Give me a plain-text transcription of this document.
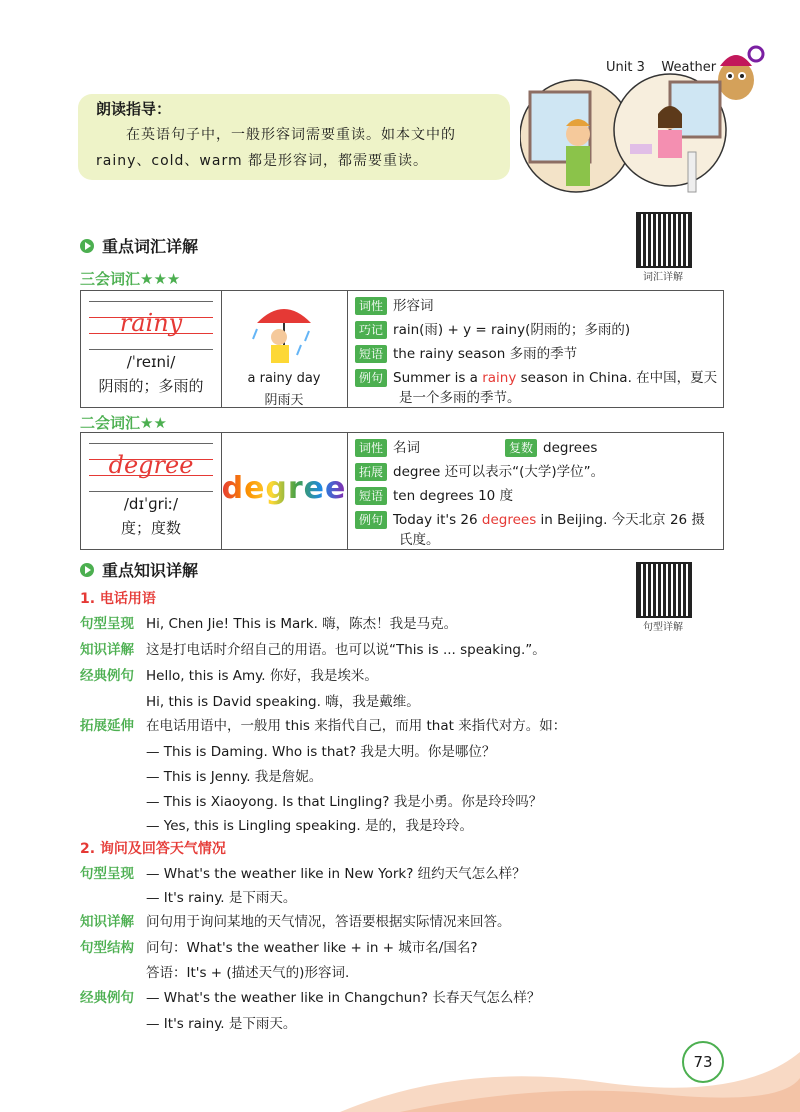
Unit 3 Weather
朗读指导：
在英语句子中，一般形容词需要重读。如本文中的
rainy、cold、warm 都是形容词，都需要重读。
重点词汇详解
词汇详解
三会词汇★★★
rainy
/ˈreɪni/
阴雨的；多雨的	a rainy day
阴雨天
词性 形容词
巧记 rain(雨) + y = rainy(阴雨的；多雨的)
短语 the rainy season 多雨的季节
例句 Summer is a rainy season in China. 在中国，夏天
是一个多雨的季节。
二会词汇★★
degree
/dɪˈɡriː/
度；度数
degree
词性 名词	复数 degrees
拓展 degree 还可以表示“(大学)学位”。
短语 ten degrees 10 度
例句 Today it's 26 degrees in Beijing. 今天北京 26 摄
氏度。
重点知识详解
句型详解
1. 电话用语
句型呈现 Hi, Chen Jie! This is Mark. 嗨，陈杰！我是马克。
知识详解 这是打电话时介绍自己的用语。也可以说“This is ... speaking.”。
经典例句 Hello, this is Amy. 你好，我是埃米。
Hi, this is David speaking. 嗨，我是戴维。
拓展延伸 在电话用语中，一般用 this 来指代自己，而用 that 来指代对方。如：
— This is Daming. Who is that? 我是大明。你是哪位？
— This is Jenny. 我是詹妮。
— This is Xiaoyong. Is that Lingling? 我是小勇。你是玲玲吗？
— Yes, this is Lingling speaking. 是的，我是玲玲。
2. 询问及回答天气情况
句型呈现 — What's the weather like in New York? 纽约天气怎么样？
— It's rainy. 是下雨天。
知识详解 问句用于询问某地的天气情况，答语要根据实际情况来回答。
句型结构 问句：What's the weather like + in + 城市名/国名?
答语：It's + (描述天气的)形容词.
经典例句 — What's the weather like in Changchun? 长春天气怎么样？
— It's rainy. 是下雨天。
73
